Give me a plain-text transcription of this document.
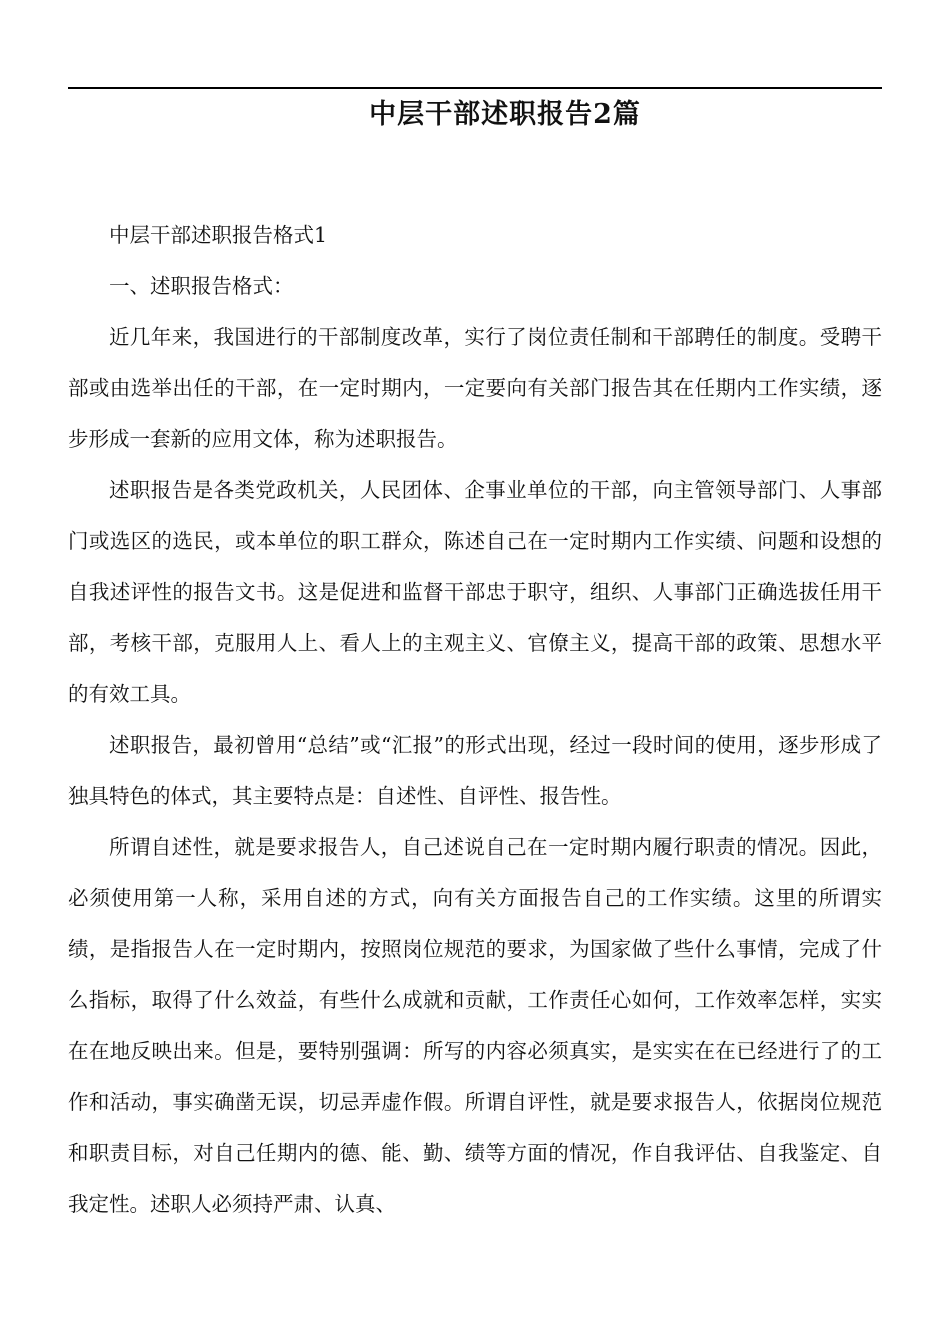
中层干部述职报告2篇

中层干部述职报告格式1

一、述职报告格式：

近几年来，我国进行的干部制度改革，实行了岗位责任制和干部聘任的制度。受聘干部或由选举出任的干部，在一定时期内，一定要向有关部门报告其在任期内工作实绩，逐步形成一套新的应用文体，称为述职报告。

述职报告是各类党政机关，人民团体、企事业单位的干部，向主管领导部门、人事部门或选区的选民，或本单位的职工群众，陈述自己在一定时期内工作实绩、问题和设想的自我述评性的报告文书。这是促进和监督干部忠于职守，组织、人事部门正确选拔任用干部，考核干部，克服用人上、看人上的主观主义、官僚主义，提高干部的政策、思想水平的有效工具。

述职报告，最初曾用“总结”或“汇报”的形式出现，经过一段时间的使用，逐步形成了独具特色的体式，其主要特点是：自述性、自评性、报告性。

所谓自述性，就是要求报告人，自己述说自己在一定时期内履行职责的情况。因此，必须使用第一人称，采用自述的方式，向有关方面报告自己的工作实绩。这里的所谓实绩，是指报告人在一定时期内，按照岗位规范的要求，为国家做了些什么事情，完成了什么指标，取得了什么效益，有些什么成就和贡献，工作责任心如何，工作效率怎样，实实在在地反映出来。但是，要特别强调：所写的内容必须真实，是实实在在已经进行了的工作和活动，事实确凿无误，切忌弄虚作假。所谓自评性，就是要求报告人，依据岗位规范和职责目标，对自己任期内的德、能、勤、绩等方面的情况，作自我评估、自我鉴定、自我定性。述职人必须持严肃、认真、
